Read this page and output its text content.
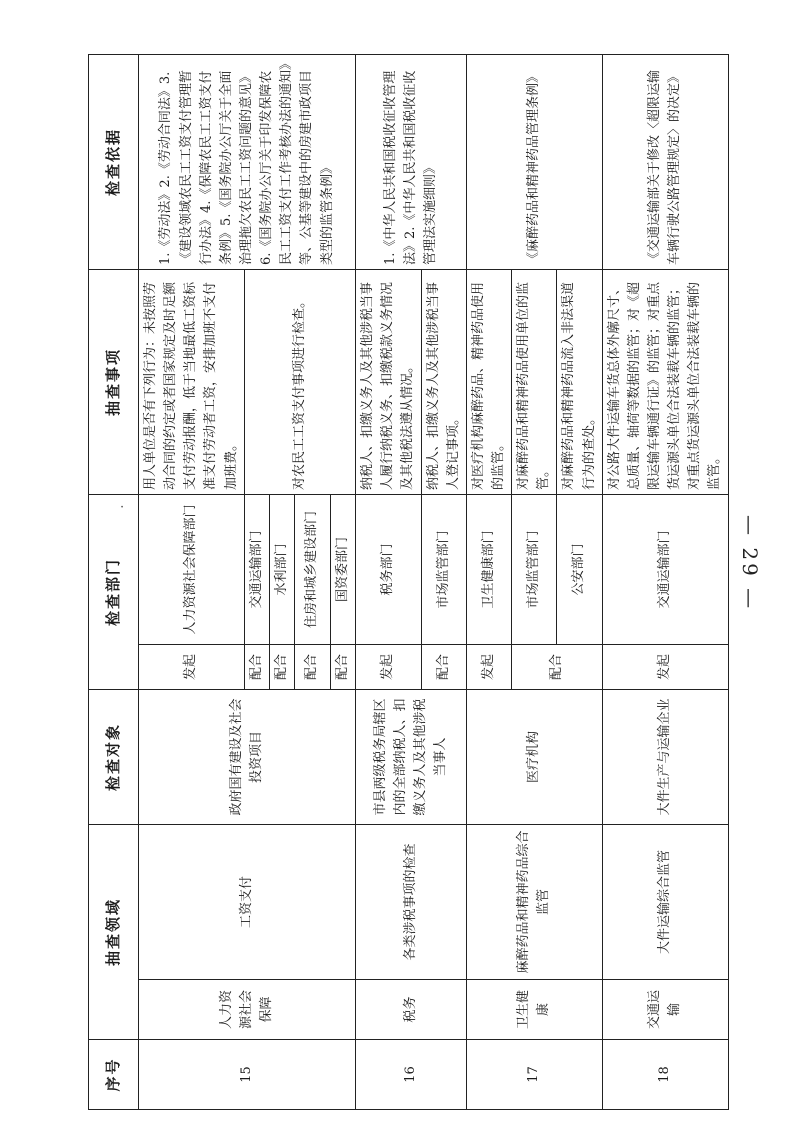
·
序号	抽查领域		检查对象	检查部门		抽查事项	检查依据
15	人力资源社会保障	工资支付	政府国有建设及社会投资项目	发起	人力资源社会保障部门	用人单位是否有下列行为：未按照劳动合同的约定或者国家规定及时足额支付劳动报酬，低于当地最低工资标准支付劳动者工资，安排加班不支付加班费。	1.《劳动法》2.《劳动合同法》3.《建设领域农民工工资支付管理暂行办法》4.《保障农民工工资支付条例》5.《国务院办公厅关于全面治理拖欠农民工工资问题的意见》6.《国务院办公厅关于印发保障农民工工资支付工作考核办法的通知》等、公基等建设中的房建市政项目类型的监管条例》
				配合	交通运输部门	对农民工工资支付事项进行检查。	
				配合	水利部门		
				配合	住房和城乡建设部门		
				配合	国资委部门		
16	税务	各类涉税事项的检查	市县两级税务局辖区内的全部纳税人、扣缴义务人及其他涉税当事人	发起	税务部门	纳税人、扣缴义务人及其他涉税当事人履行纳税义务、扣缴税款义务情况及其他税法遵从情况。	1.《中华人民共和国税收征收管理法》2.《中华人民共和国税收征收管理法实施细则》
				配合	市场监管部门	纳税人、扣缴义务人及其他涉税当事人登记事项。	
17	卫生健康	麻醉药品和精神药品综合监管	医疗机构	发起	卫生健康部门	对医疗机构麻醉药品、精神药品使用的监管。	《麻醉药品和精神药品管理条例》
				配合	市场监管部门	对麻醉药品和精神药品使用单位的监管。	
					公安部门	对麻醉药品和精神药品流入非法渠道行为的查处。	
18	交通运输	大件运输综合监管	大件生产与运输企业	发起	交通运输部门	对公路大件运输车货总体外廓尺寸、总质量、轴荷等数据的监管；对《超限运输车辆通行证》的监管；对重点货运源头单位合法装载车辆的监管；对重点货运源头单位合法装载车辆的监管。	《交通运输部关于修改〈超限运输车辆行驶公路管理规定〉的决定》
— 29 —
